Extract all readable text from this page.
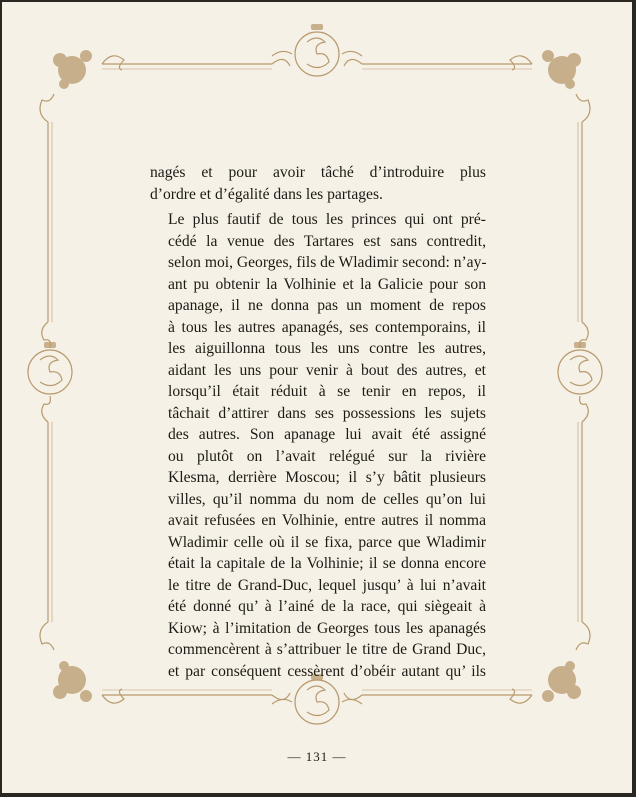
nagés et pour avoir tâché d’introduire plus
d’ordre et d’égalité dans les partages.

Le plus fautif de tous les princes qui ont pré-
cédé la venue des Tartares est sans contredit,
selon moi, Georges, fils de Wladimir second: n’ay-
ant pu obtenir la Volhinie et la Galicie pour son
apanage, il ne donna pas un moment de repos
à tous les autres apanagés, ses contemporains, il
les aiguillonna tous les uns contre les autres,
aidant les uns pour venir à bout des autres, et
lorsqu’il était réduit à se tenir en repos, il
tâchait d’attirer dans ses possessions les sujets
des autres. Son apanage lui avait été assigné
ou plutôt on l’avait relégué sur la rivière
Klesma, derrière Moscou; il s’y bâtit plusieurs
villes, qu’il nomma du nom de celles qu’on lui
avait refusées en Volhinie, entre autres il nomma
Wladimir celle où il se fixa, parce que Wladimir
était la capitale de la Volhinie; il se donna encore
le titre de Grand-Duc, lequel jusqu’ à lui n’avait
été donné qu’ à l’ainé de la race, qui siègeait à
Kiow; à l’imitation de Georges tous les apanagés
commencèrent à s’attribuer le titre de Grand Duc,
et par conséquent cessèrent d’obéir autant qu’ ils

— 131 —
